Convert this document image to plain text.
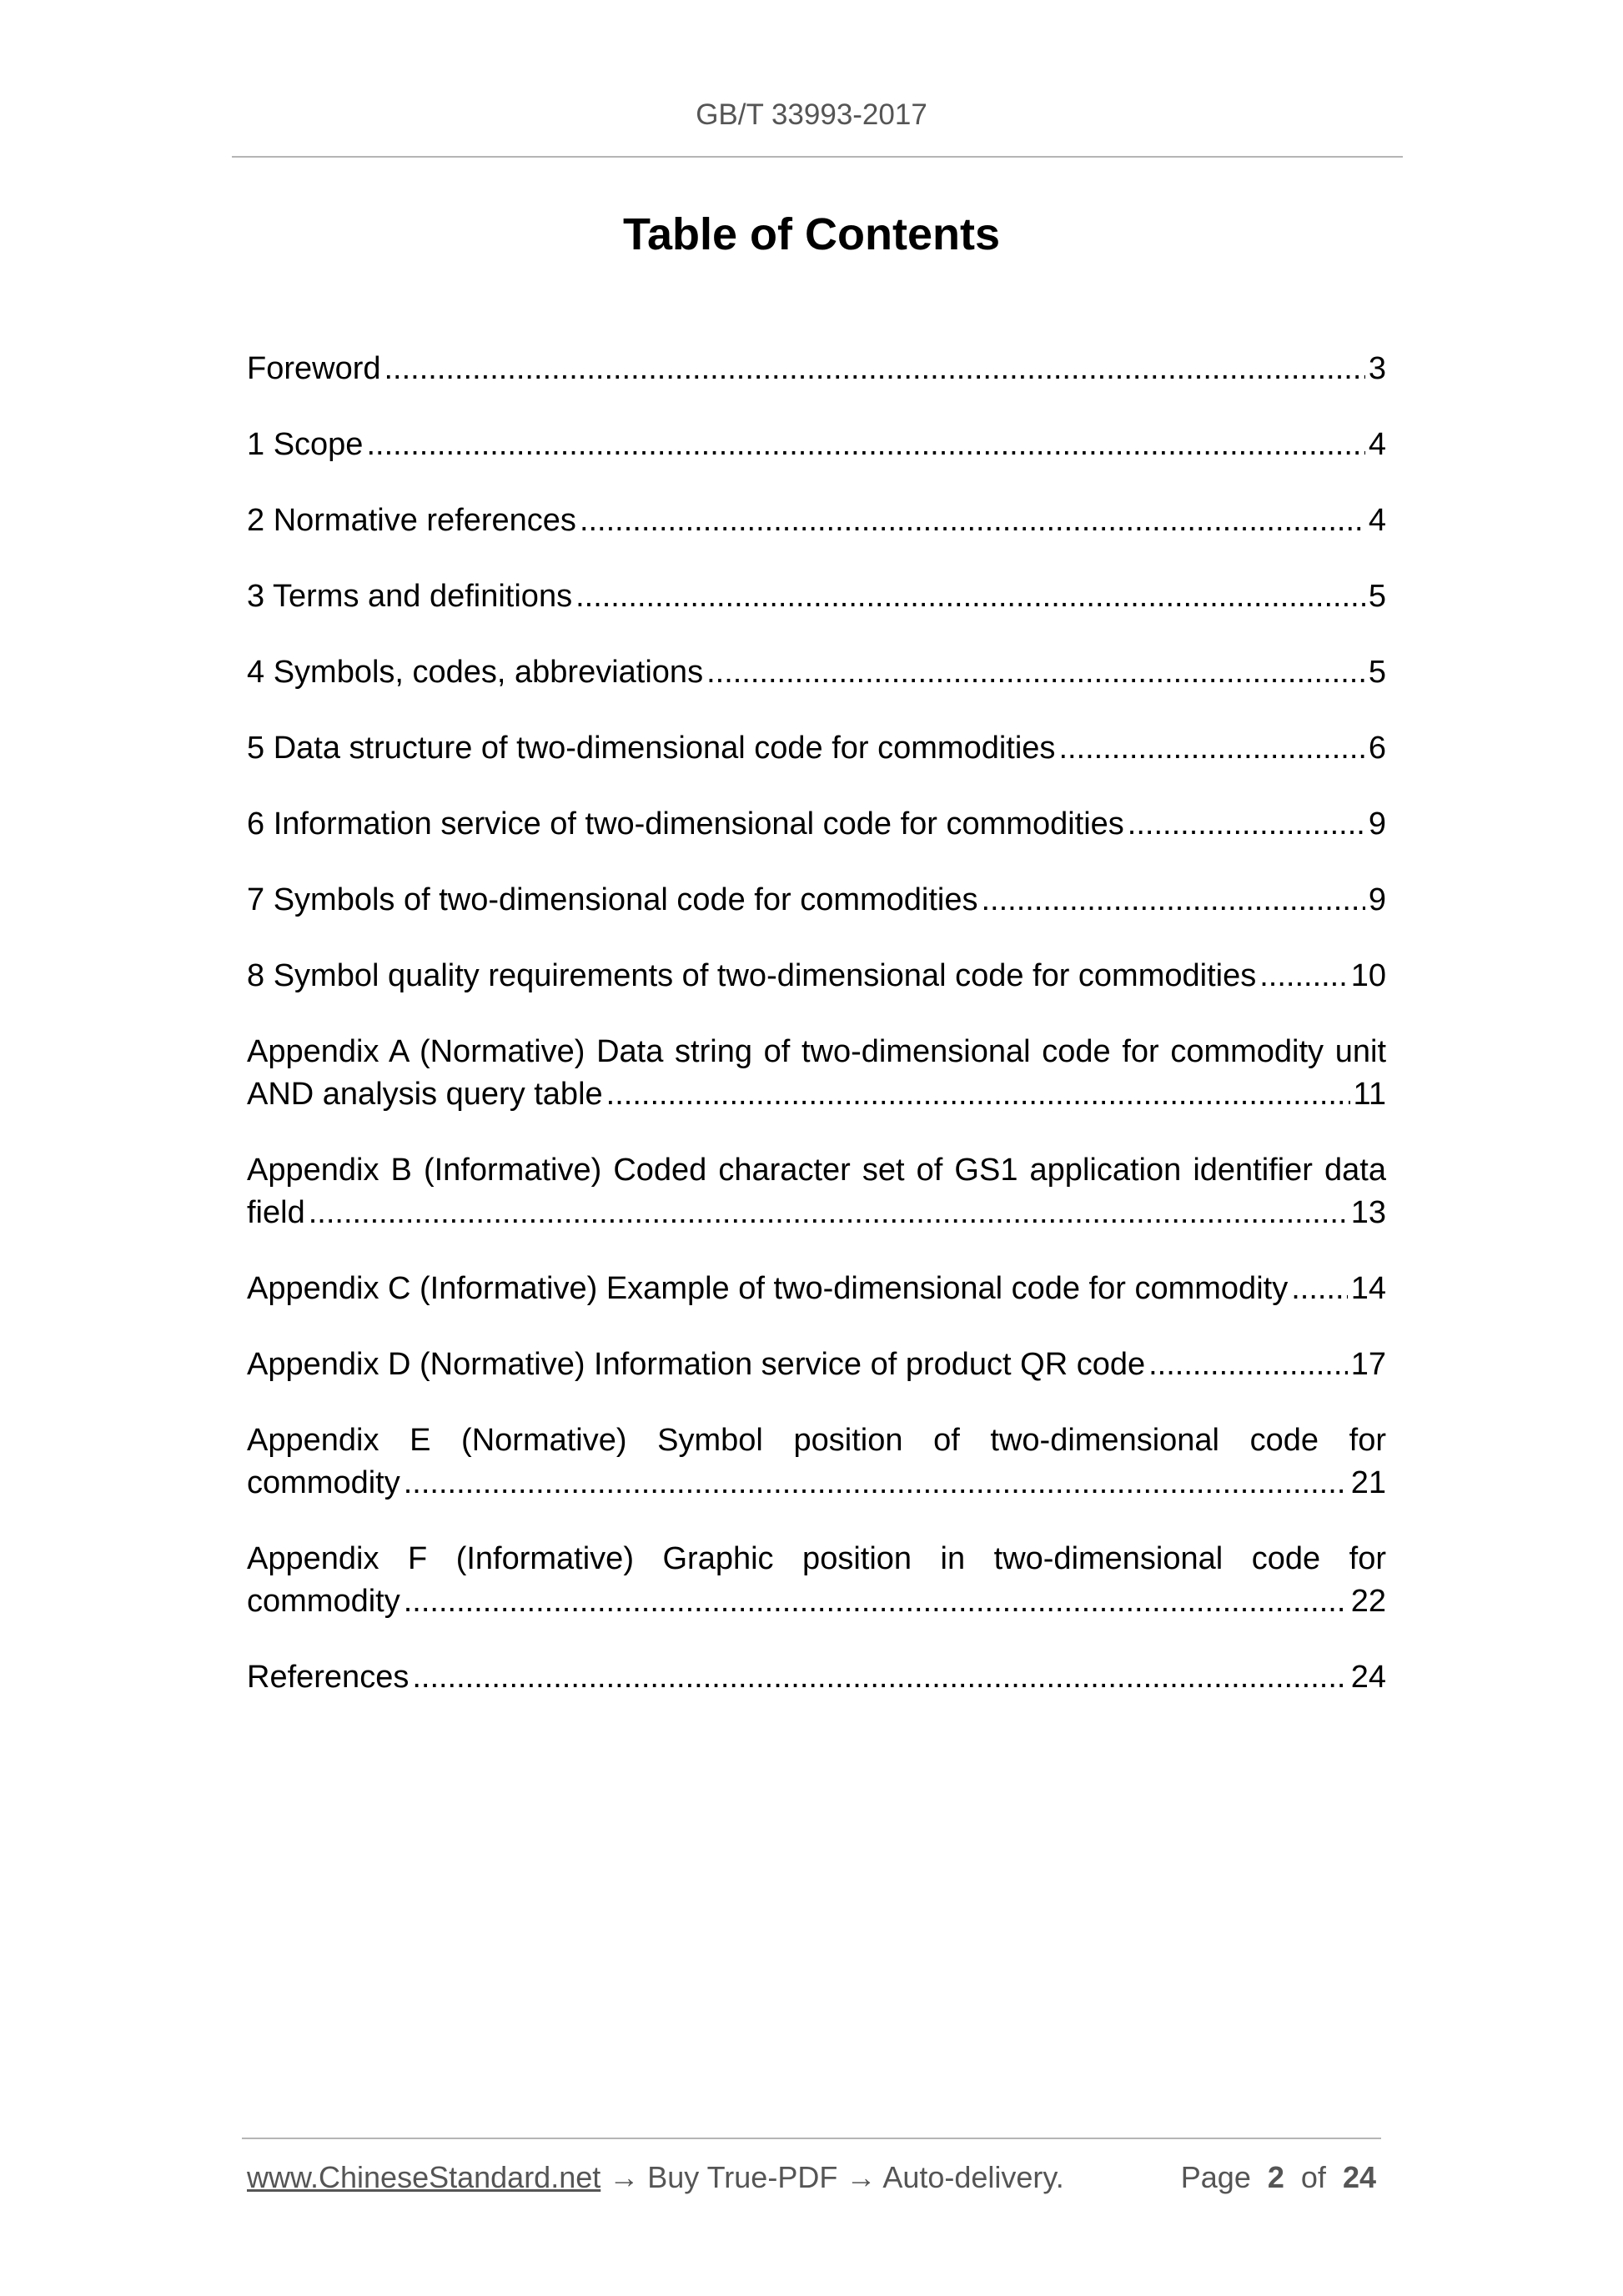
GB/T 33993-2017
Table of Contents
Foreword .....	3
1 Scope .....	4
2 Normative references .....	4
3 Terms and definitions .....	5
4 Symbols, codes, abbreviations .....	5
5 Data structure of two-dimensional code for commodities .....	6
6 Information service of two-dimensional code for commodities .....	9
7 Symbols of two-dimensional code for commodities .....	9
8 Symbol quality requirements of two-dimensional code for commodities .....	10
Appendix A (Normative) Data string of two-dimensional code for commodity unit
AND analysis query table .....	11
Appendix B (Informative) Coded character set of GS1 application identifier data
field .....	13
Appendix C (Informative) Example of two-dimensional code for commodity ..... 14
Appendix D (Normative) Information service of product QR code .....	17
Appendix E (Normative) Symbol position of two-dimensional code for
commodity .....	21
Appendix F (Informative) Graphic position in two-dimensional code for
commodity .....	22
References .....	24
www.ChineseStandard.net → Buy True-PDF → Auto-delivery.	Page 2 of 24
